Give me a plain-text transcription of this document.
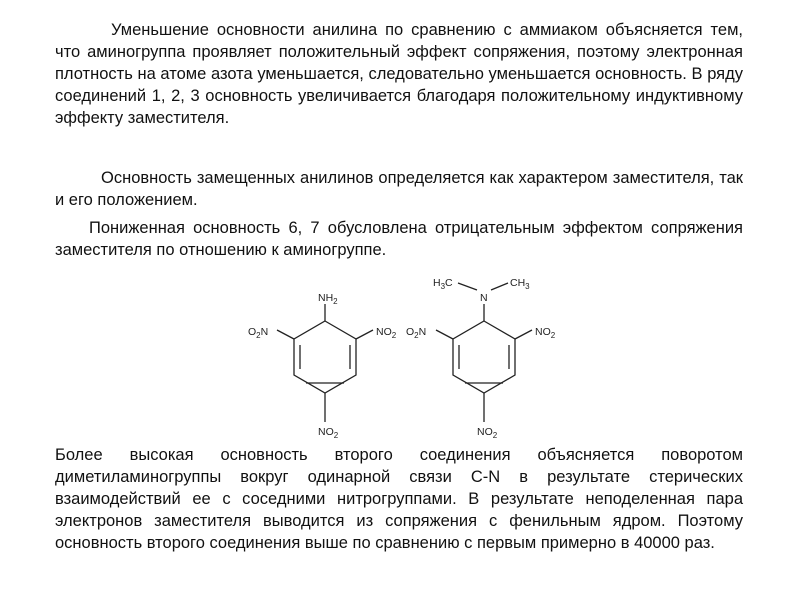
Уменьшение основности анилина по сравнению с аммиаком объясняется тем, что аминогруппа проявляет положительный эффект сопряжения, поэтому электронная плотность на атоме азота уменьшается, следовательно уменьшается основность. В ряду соединений 1, 2, 3 основность увеличивается благодаря положительному индуктивному эффекту заместителя.

Основность замещенных анилинов определяется как характером заместителя, так и его положением.

Пониженная основность 6, 7 обусловлена отрицательным эффектом сопряжения заместителя по отношению к аминогруппе.

$NH_2$
$O_2N$	$NO_2$
$NO_2$
N
$H_3C$	$CH_3$
$O_2N$	$NO_2$
$NO_2$

Более высокая основность второго соединения объясняется поворотом диметиламиногруппы вокруг одинарной связи C-N в результате стерических взаимодействий ее с соседними нитрогруппами. В результате неподеленная пара электронов заместителя выводится из сопряжения с фенильным ядром. Поэтому основность второго соединения выше по сравнению с первым примерно в 40000 раз.
